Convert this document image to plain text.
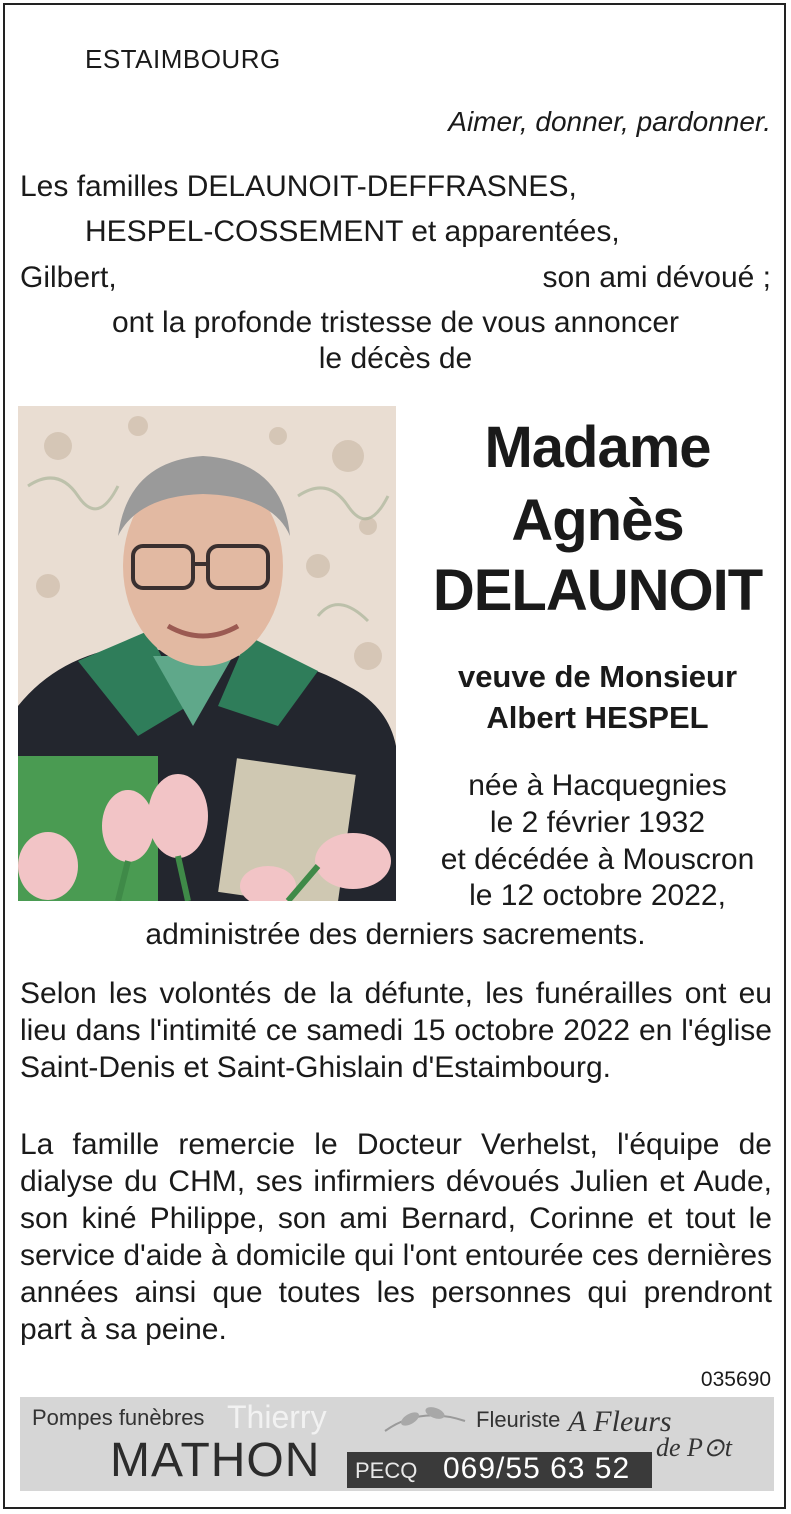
ESTAIMBOURG
Aimer, donner, pardonner.
Les familles DELAUNOIT-DEFFRASNES,
HESPEL-COSSEMENT et apparentées,
Gilbert,	son ami dévoué ;
ont la profonde tristesse de vous annoncer
le décès de
Madame
Agnès
DELAUNOIT
veuve de Monsieur
Albert HESPEL
née à Hacquegnies
le 2 février 1932
et décédée à Mouscron
le 12 octobre 2022,
administrée des derniers sacrements.
Selon les volontés de la défunte, les funérailles ont eu lieu dans l'intimité ce samedi 15 octobre 2022 en l'église Saint-Denis et Saint-Ghislain d'Estaimbourg.
La famille remercie le Docteur Verhelst, l'équipe de dialyse du CHM, ses infirmiers dévoués Julien et Aude, son kiné Philippe, son ami Bernard, Corinne et tout le service d'aide à domicile qui l'ont entourée ces dernières années ainsi que toutes les personnes qui prendront part à sa peine.
035690
Pompes funèbres Thierry
MATHON PECQ 069/55 63 52
Fleuriste A Fleurs
de P⊙t
